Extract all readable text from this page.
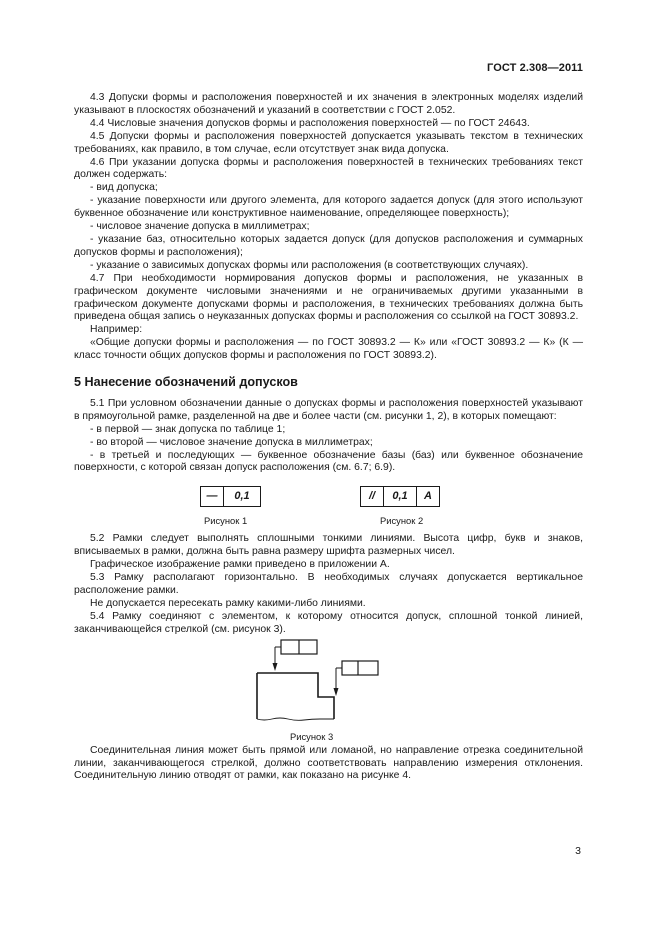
ГОСТ 2.308—2011

4.3 Допуски формы и расположения поверхностей и их значения в электронных моделях изделий указывают в плоскостях обозначений и указаний в соответствии с ГОСТ 2.052.

4.4 Числовые значения допусков формы и расположения поверхностей — по ГОСТ 24643.

4.5 Допуски формы и расположения поверхностей допускается указывать текстом в технических требованиях, как правило, в том случае, если отсутствует знак вида допуска.

4.6 При указании допуска формы и расположения поверхностей в технических требованиях текст должен содержать:

- вид допуска;

- указание поверхности или другого элемента, для которого задается допуск (для этого используют буквенное обозначение или конструктивное наименование, определяющее поверхность);

- числовое значение допуска в миллиметрах;

- указание баз, относительно которых задается допуск (для допусков расположения и суммарных допусков формы и расположения);

- указание о зависимых допусках формы или расположения (в соответствующих случаях).

4.7 При необходимости нормирования допусков формы и расположения, не указанных в графическом документе числовыми значениями и не ограничиваемых другими указанными в графическом документе допусками формы и расположения, в технических требованиях должна быть приведена общая запись о неуказанных допусках формы и расположения со ссылкой на ГОСТ 30893.2.

Например:

«Общие допуски формы и расположения — по ГОСТ 30893.2 — К» или «ГОСТ 30893.2 — К» (К — класс точности общих допусков формы и расположения по ГОСТ 30893.2).

5 Нанесение обозначений допусков

5.1 При условном обозначении данные о допусках формы и расположения поверхностей указывают в прямоугольной рамке, разделенной на две и более части (см. рисунки 1, 2), в которых помещают:

- в первой — знак допуска по таблице 1;

- во второй — числовое значение допуска в миллиметрах;

- в третьей и последующих — буквенное обозначение базы (баз) или буквенное обозначение поверхности, с которой связан допуск расположения (см. 6.7; 6.9).

—	0,1
Рисунок 1
//	0,1	А
Рисунок 2

5.2 Рамки следует выполнять сплошными тонкими линиями. Высота цифр, букв и знаков, вписываемых в рамки, должна быть равна размеру шрифта размерных чисел.

Графическое изображение рамки приведено в приложении А.

5.3 Рамку располагают горизонтально. В необходимых случаях допускается вертикальное расположение рамки.

Не допускается пересекать рамку какими-либо линиями.

5.4 Рамку соединяют с элементом, к которому относится допуск, сплошной тонкой линией, заканчивающейся стрелкой (см. рисунок 3).

Рисунок 3

Соединительная линия может быть прямой или ломаной, но направление отрезка соединительной линии, заканчивающегося стрелкой, должно соответствовать направлению измерения отклонения. Соединительную линию отводят от рамки, как показано на рисунке 4.

3
